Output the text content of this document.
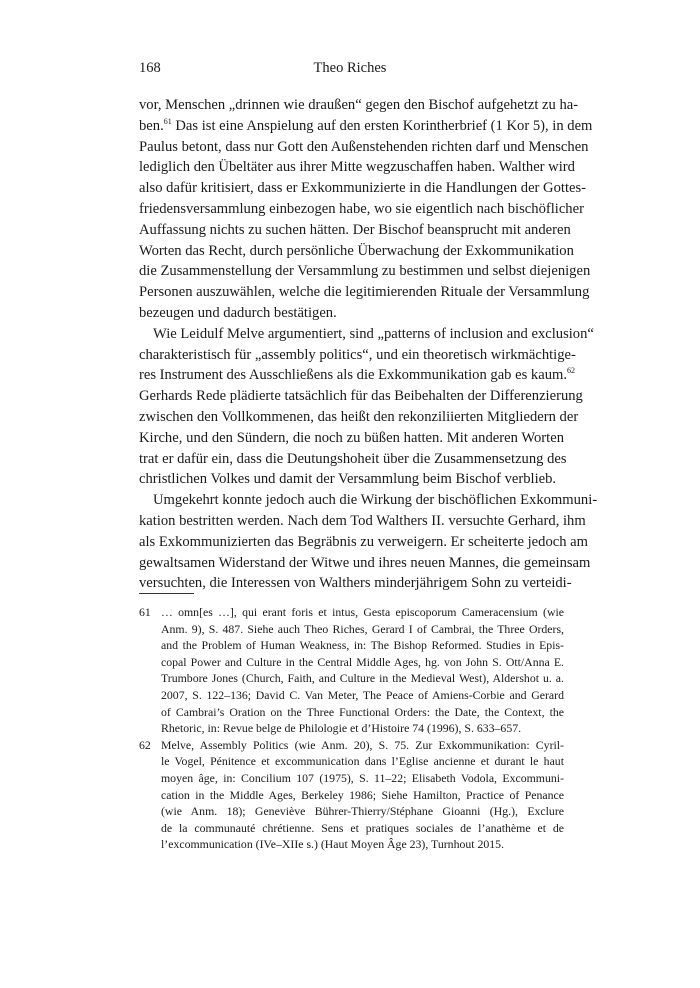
168	Theo Riches
vor, Menschen „drinnen wie draußen“ gegen den Bischof aufgehetzt zu ha-
ben.$^{61}$ Das ist eine Anspielung auf den ersten Korintherbrief (1 Kor 5), in dem
Paulus betont, dass nur Gott den Außenstehenden richten darf und Menschen
lediglich den Übeltäter aus ihrer Mitte wegzuschaffen haben. Walther wird
also dafür kritisiert, dass er Exkommunizierte in die Handlungen der Gottes-
friedensversammlung einbezogen habe, wo sie eigentlich nach bischöflicher
Auffassung nichts zu suchen hätten. Der Bischof beansprucht mit anderen
Worten das Recht, durch persönliche Überwachung der Exkommunikation
die Zusammenstellung der Versammlung zu bestimmen und selbst diejenigen
Personen auszuwählen, welche die legitimierenden Rituale der Versammlung
bezeugen und dadurch bestätigen.
Wie Leidulf Melve argumentiert, sind „patterns of inclusion and exclusion“
charakteristisch für „assembly politics“, und ein theoretisch wirkmächtige-
res Instrument des Ausschließens als die Exkommunikation gab es kaum.$^{62}$
Gerhards Rede plädierte tatsächlich für das Beibehalten der Differenzierung
zwischen den Vollkommenen, das heißt den rekonziliierten Mitgliedern der
Kirche, und den Sündern, die noch zu büßen hatten. Mit anderen Worten
trat er dafür ein, dass die Deutungshoheit über die Zusammensetzung des
christlichen Volkes und damit der Versammlung beim Bischof verblieb.
Umgekehrt konnte jedoch auch die Wirkung der bischöflichen Exkommuni-
kation bestritten werden. Nach dem Tod Walthers II. versuchte Gerhard, ihm
als Exkommunizierten das Begräbnis zu verweigern. Er scheiterte jedoch am
gewaltsamen Widerstand der Witwe und ihres neuen Mannes, die gemeinsam
versuchten, die Interessen von Walthers minderjährigem Sohn zu verteidi-
61 … omn[es …], qui erant foris et intus, Gesta episcoporum Cameracensium (wie
Anm. 9), S. 487. Siehe auch Theo Riches, Gerard I of Cambrai, the Three Orders,
and the Problem of Human Weakness, in: The Bishop Reformed. Studies in Epis-
copal Power and Culture in the Central Middle Ages, hg. von John S. Ott/Anna E.
Trumbore Jones (Church, Faith, and Culture in the Medieval West), Aldershot u. a.
2007, S. 122–136; David C. Van Meter, The Peace of Amiens-Corbie and Gerard
of Cambrai’s Oration on the Three Functional Orders: the Date, the Context, the
Rhetoric, in: Revue belge de Philologie et d’Histoire 74 (1996), S. 633–657.
62 Melve, Assembly Politics (wie Anm. 20), S. 75. Zur Exkommunikation: Cyril-
le Vogel, Pénitence et excommunication dans l’Eglise ancienne et durant le haut
moyen âge, in: Concilium 107 (1975), S. 11–22; Elisabeth Vodola, Excommuni-
cation in the Middle Ages, Berkeley 1986; Siehe Hamilton, Practice of Penance
(wie Anm. 18); Geneviève Bührer-Thierry/Stéphane Gioanni (Hg.), Exclure
de la communauté chrétienne. Sens et pratiques sociales de l’anathème et de
l’excommunication (IVe–XIIe s.) (Haut Moyen Âge 23), Turnhout 2015.
